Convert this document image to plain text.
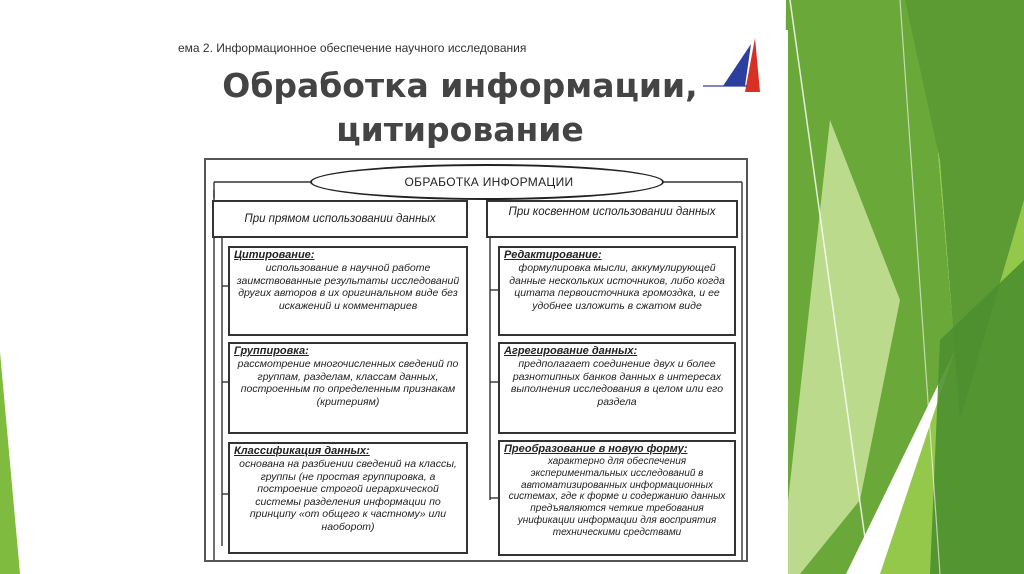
ема 2. Информационное обеспечение научного исследования
Обработка информации,
цитирование
ОБРАБОТКА ИНФОРМАЦИИ
При прямом использовании данных
При косвенном использовании данных
Цитирование:
использование в научной работе заимствованные результаты исследований других авторов в их оригинальном виде без искажений и комментариев
Группировка:
рассмотрение многочисленных сведений по группам, разделам, классам данных, построенным по определенным признакам (критериям)
Классификация данных:
основана на разбиении сведений на классы, группы (не простая группировка, а построение строгой иерархической системы разделения информации по принципу «от общего к частному» или наоборот)
Редактирование:
формулировка мысли, аккумулирующей данные нескольких источников, либо когда цитата первоисточника громоздка, и ее удобнее изложить в сжатом виде
Агрегирование данных:
предполагает соединение двух и более разнотипных банков данных в интересах выполнения исследования в целом или его раздела
Преобразование в новую форму:
характерно для обеспечения экспериментальных исследований в автоматизированных информационных системах, где к форме и содержанию данных предъявляются четкие требования унификации информации для восприятия техническими средствами
